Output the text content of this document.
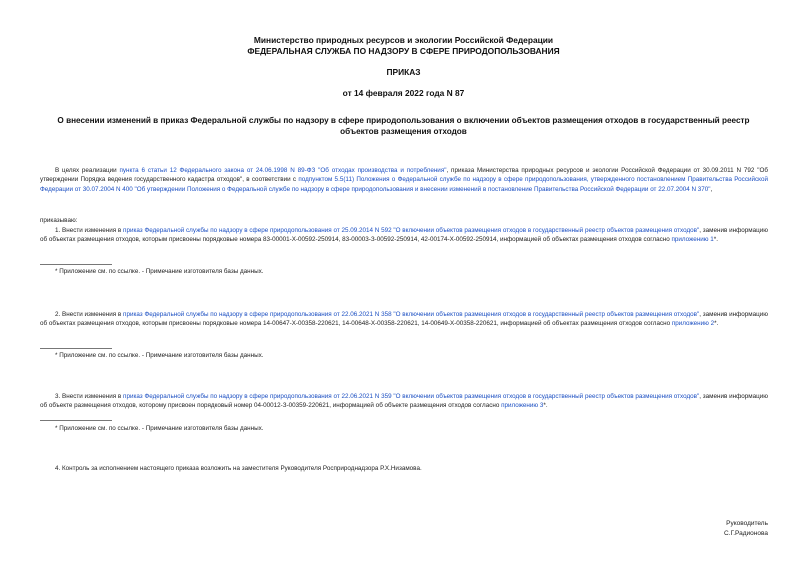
Министерство природных ресурсов и экологии Российской Федерации
ФЕДЕРАЛЬНАЯ СЛУЖБА ПО НАДЗОРУ В СФЕРЕ ПРИРОДОПОЛЬЗОВАНИЯ
ПРИКАЗ
от 14 февраля 2022 года N 87
О внесении изменений в приказ Федеральной службы по надзору в сфере природопользования о включении объектов размещения отходов в государственный реестр объектов размещения отходов
В целях реализации пункта 6 статьи 12 Федерального закона от 24.06.1998 N 89-ФЗ "Об отходах производства и потребления", приказа Министерства природных ресурсов и экологии Российской Федерации от 30.09.2011 N 792 "Об утверждении Порядка ведения государственного кадастра отходов", в соответствии с подпунктом 5.5(11) Положения о Федеральной службе по надзору в сфере природопользования, утвержденного постановлением Правительства Российской Федерации от 30.07.2004 N 400 "Об утверждении Положения о Федеральной службе по надзору в сфере природопользования и внесении изменений в постановление Правительства Российской Федерации от 22.07.2004 N 370",
приказываю:
1. Внести изменения в приказ Федеральной службы по надзору в сфере природопользования от 25.09.2014 N 592 "О включении объектов размещения отходов в государственный реестр объектов размещения отходов", заменив информацию об объектах размещения отходов, которым присвоены порядковые номера 83-00001-Х-00592-250914, 83-00003-З-00592-250914, 42-00174-Х-00592-250914, информацией об объектах размещения отходов согласно приложению 1*.
* Приложение см. по ссылке. - Примечание изготовителя базы данных.
2. Внести изменения в приказ Федеральной службы по надзору в сфере природопользования от 22.06.2021 N 358 "О включении объектов размещения отходов в государственный реестр объектов размещения отходов", заменив информацию об объектах размещения отходов, которым присвоены порядковые номера 14-00647-Х-00358-220621, 14-00648-Х-00358-220621, 14-00649-Х-00358-220621, информацией об объектах размещения отходов согласно приложению 2*.
* Приложение см. по ссылке. - Примечание изготовителя базы данных.
3. Внести изменения в приказ Федеральной службы по надзору в сфере природопользования от 22.06.2021 N 359 "О включении объектов размещения отходов в государственный реестр объектов размещения отходов", заменив информацию об объекте размещения отходов, которому присвоен порядковый номер 04-00012-З-00359-220621, информацией об объекте размещения отходов согласно приложению 3*.
* Приложение см. по ссылке. - Примечание изготовителя базы данных.
4. Контроль за исполнением настоящего приказа возложить на заместителя Руководителя Росприроднадзора Р.Х.Низамова.
Руководитель
С.Г.Радионова
